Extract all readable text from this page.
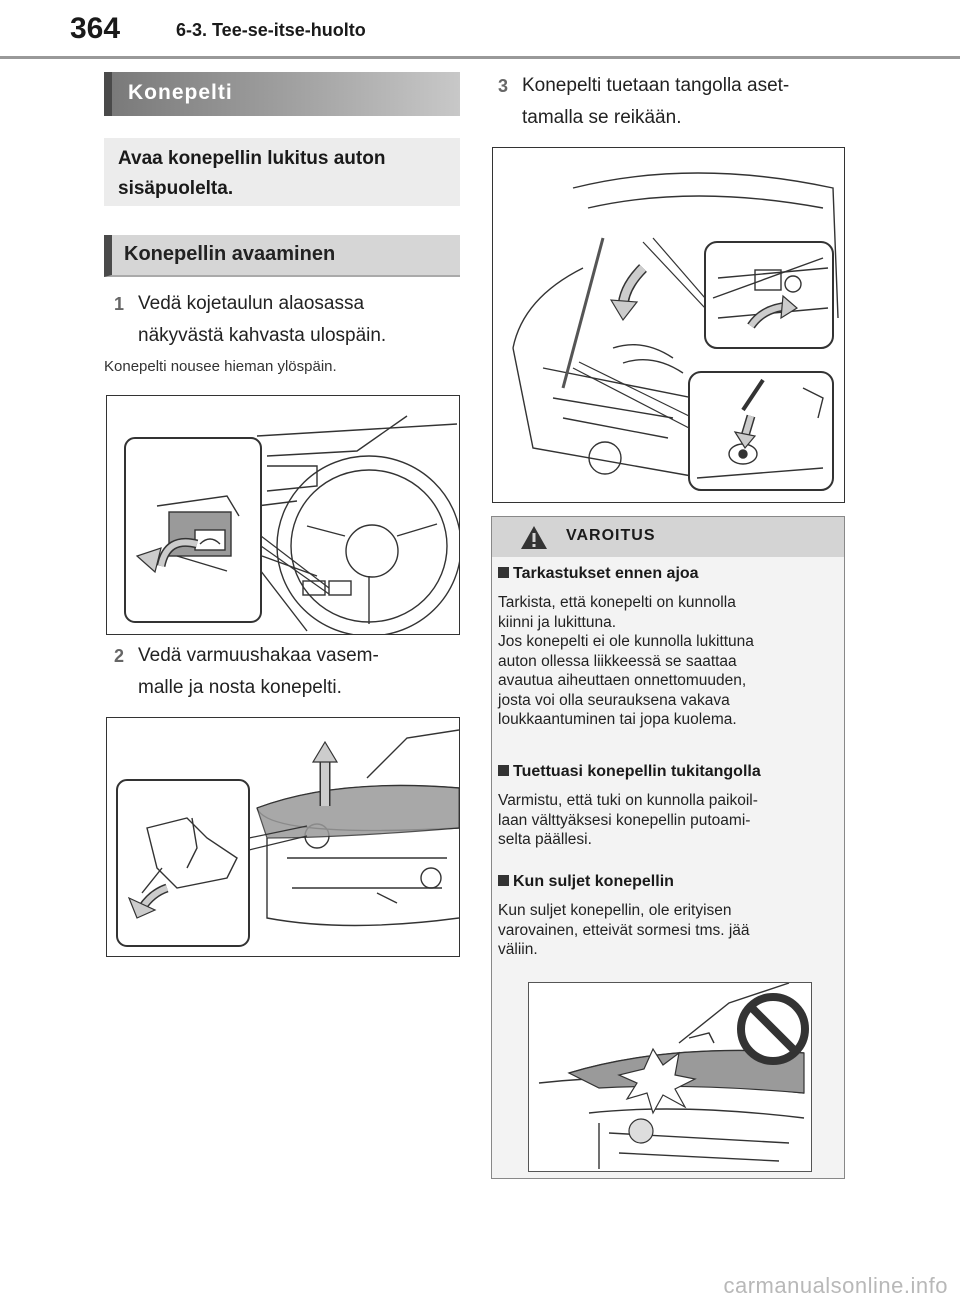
364	6-3. Tee-se-itse-huolto
Konepelti
Avaa konepellin lukitus auton sisäpuolelta.
Konepellin avaaminen
1 Vedä kojetaulun alaosassa
näkyvästä kahvasta ulospäin.
Konepelti nousee hieman ylöspäin.
2 Vedä varmuushakaa vasem-
malle ja nosta konepelti.
3 Konepelti tuetaan tangolla aset-
tamalla se reikään.
VAROITUS
Tarkastukset ennen ajoa
Tarkista, että konepelti on kunnolla
kiinni ja lukittuna.
Jos konepelti ei ole kunnolla lukittuna
auton ollessa liikkeessä se saattaa
avautua aiheuttaen onnettomuuden,
josta voi olla seurauksena vakava
loukkaantuminen tai jopa kuolema.
Tuettuasi konepellin tukitangolla
Varmistu, että tuki on kunnolla paikoil-
laan välttyäksesi konepellin putoami-
selta päällesi.
Kun suljet konepellin
Kun suljet konepellin, ole erityisen
varovainen, etteivät sormesi tms. jää
väliin.
carmanualsonline.info
